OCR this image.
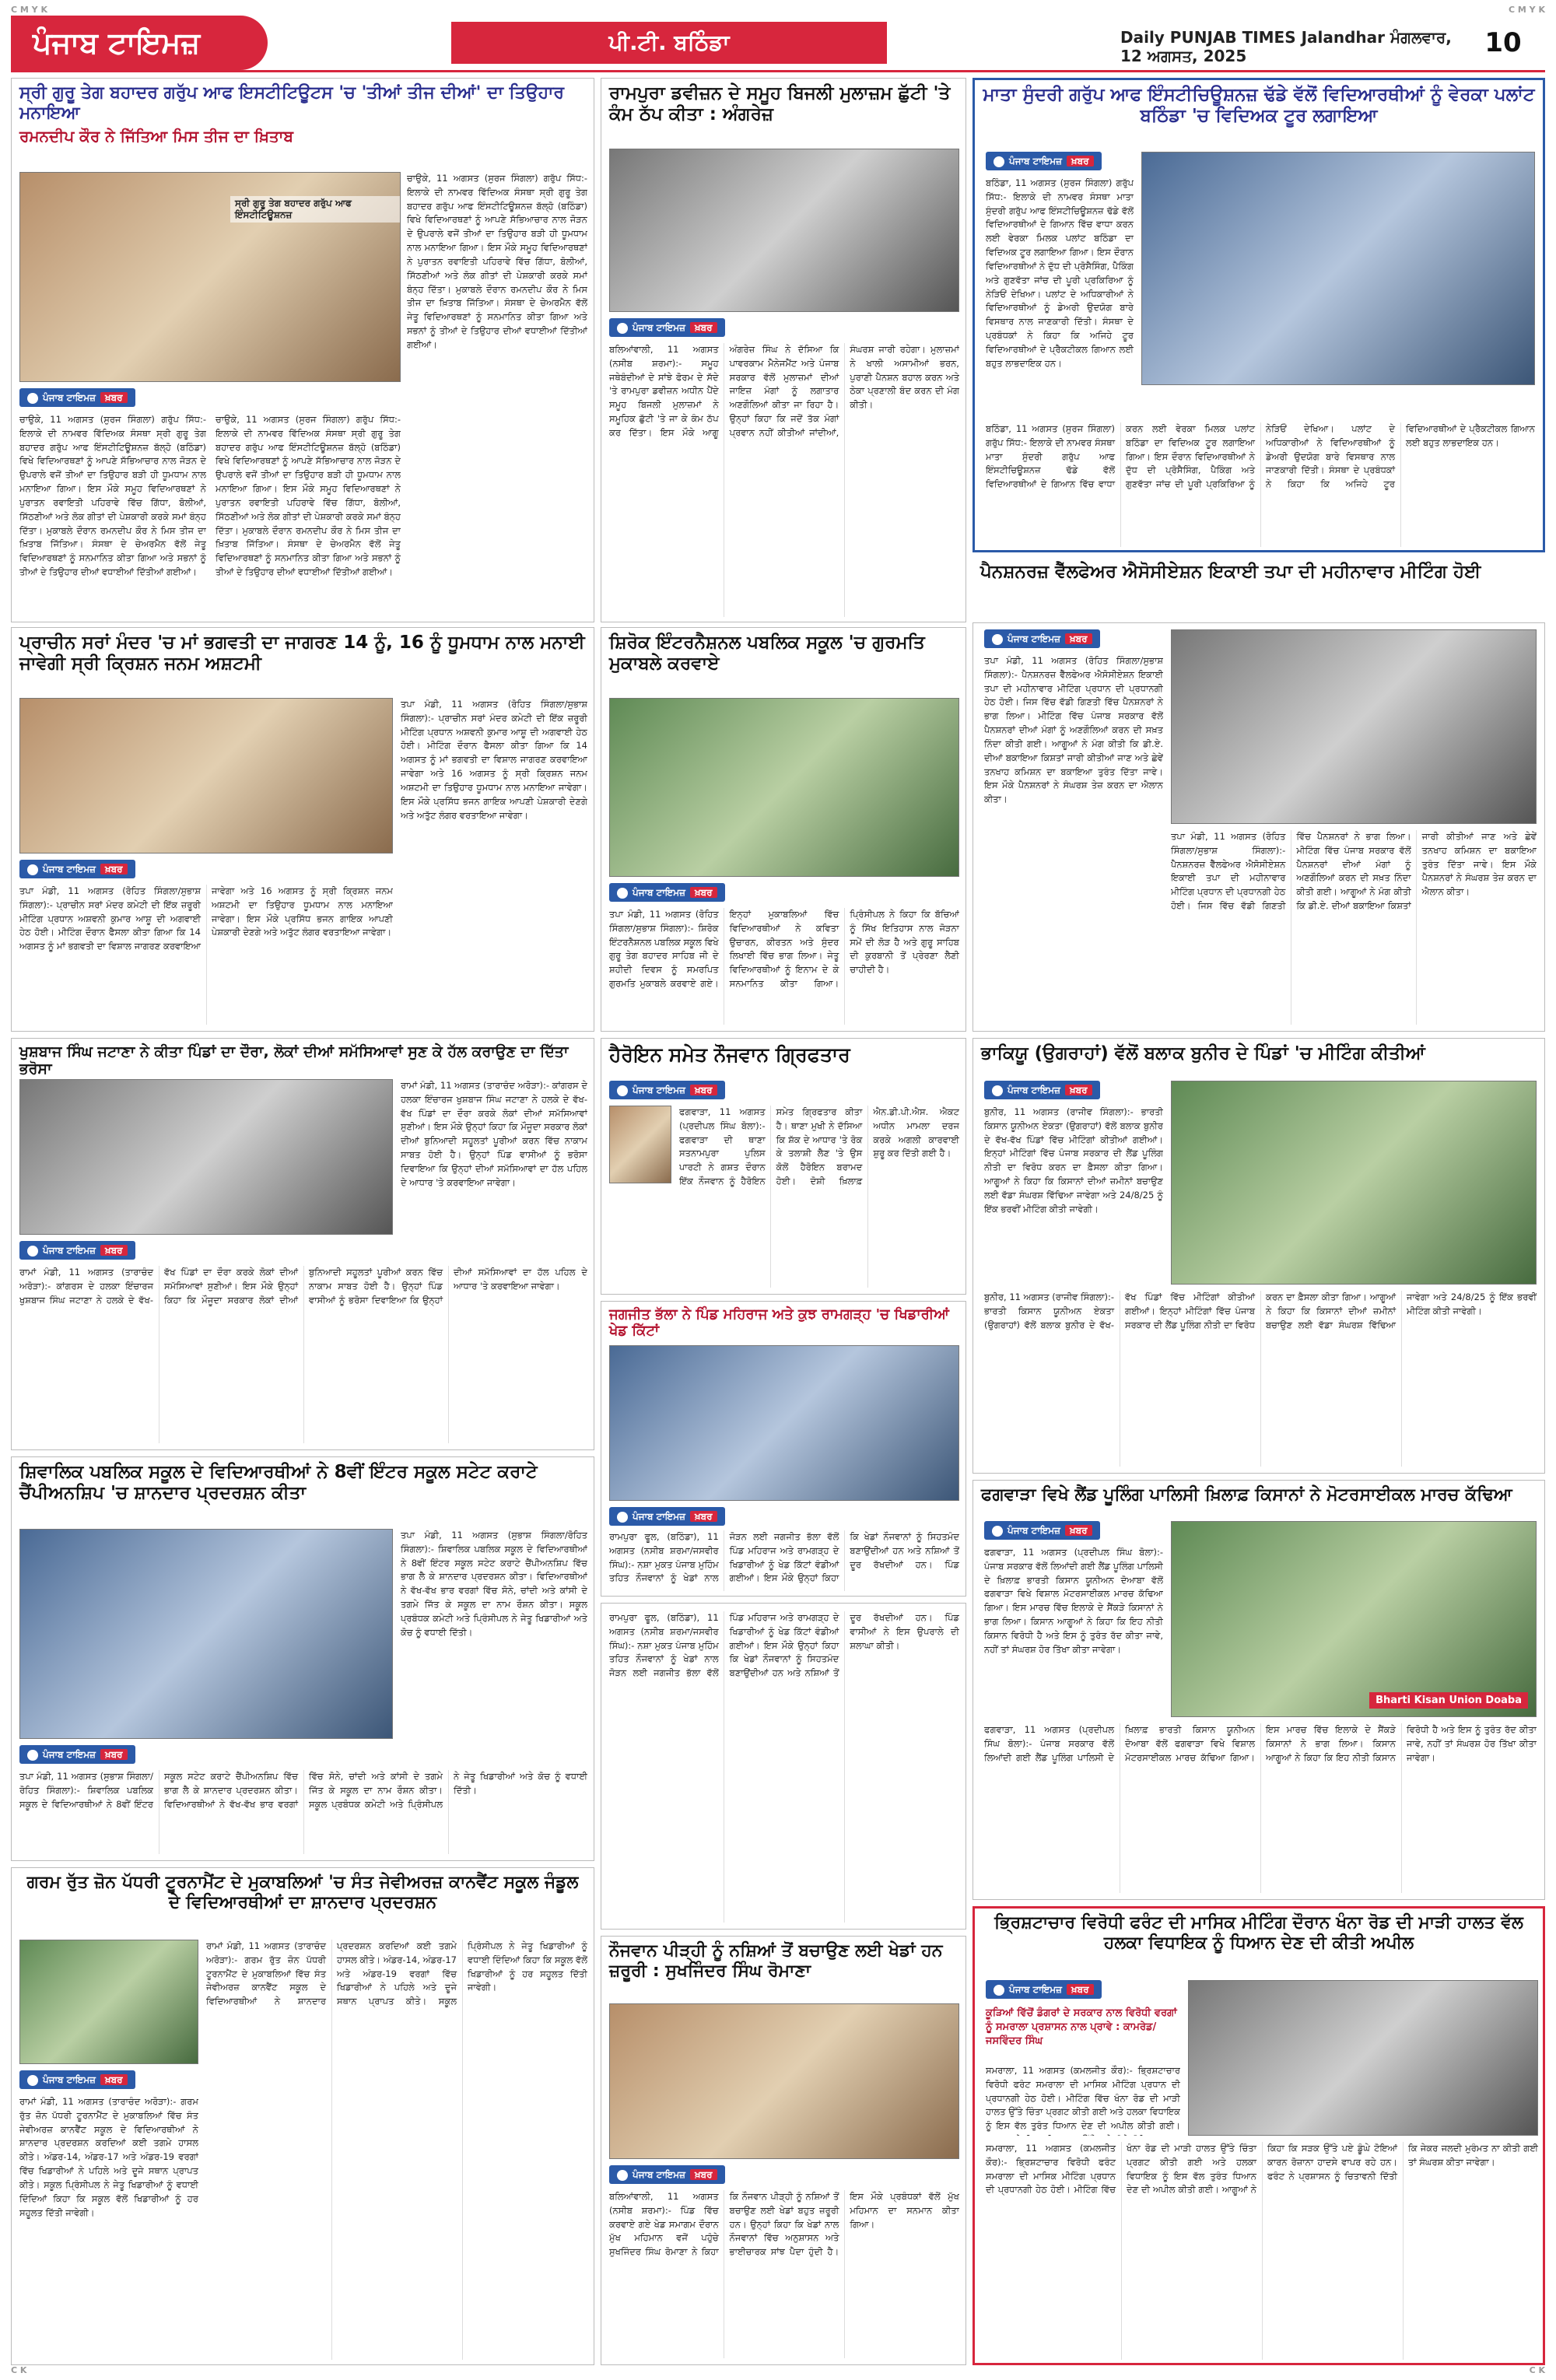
C M Y K	C M Y K
C K	C K
ਪੰਜਾਬ ਟਾਇਮਜ਼	ਪੀ.ਟੀ. ਬਠਿੰਡਾ	Daily PUNJAB TIMES Jalandhar ਮੰਗਲਵਾਰ, 12 ਅਗਸਤ, 2025	10
ਸ੍ਰੀ ਗੁਰੂ ਤੇਗ ਬਹਾਦਰ ਗਰੁੱਪ ਆਫ ਇਸਟੀਟਿਊਟਸ 'ਚ 'ਤੀਆਂ ਤੀਜ ਦੀਆਂ' ਦਾ ਤਿਉਹਾਰ ਮਨਾਇਆ
ਰਮਨਦੀਪ ਕੌਰ ਨੇ ਜਿੱਤਿਆ ਮਿਸ ਤੀਜ ਦਾ ਖ਼ਿਤਾਬ
ਸ੍ਰੀ ਗੁਰੂ ਤੇਗ ਬਹਾਦਰ ਗਰੁੱਪ ਆਫ ਇੰਸਟੀਟਿਊਸ਼ਨਜ਼
ਪੰਜਾਬ ਟਾਇਮਜ਼ ਖ਼ਬਰ
ਚਾਉਕੇ, 11 ਅਗਸਤ (ਸੁਰਜ ਸਿੰਗਲਾ) ਗਰੁੱਪ ਸਿੱਧ:- ਇਲਾਕੇ ਦੀ ਨਾਮਵਰ ਵਿੱਦਿਅਕ ਸੰਸਥਾ ਸ੍ਰੀ ਗੁਰੂ ਤੇਗ ਬਹਾਦਰ ਗਰੁੱਪ ਆਫ ਇੰਸਟੀਟਿਊਸ਼ਨਜ਼ ਬੱਲ੍ਹੋ (ਬਠਿੰਡਾ) ਵਿਖੇ ਵਿਦਿਆਰਥਣਾਂ ਨੂੰ ਆਪਣੇ ਸੱਭਿਆਚਾਰ ਨਾਲ ਜੋੜਨ ਦੇ ਉਪਰਾਲੇ ਵਜੋਂ ਤੀਆਂ ਦਾ ਤਿਉਹਾਰ ਬੜੀ ਹੀ ਧੂਮਧਾਮ ਨਾਲ ਮਨਾਇਆ ਗਿਆ। ਇਸ ਮੌਕੇ ਸਮੂਹ ਵਿਦਿਆਰਥਣਾਂ ਨੇ ਪੁਰਾਤਨ ਰਵਾਇਤੀ ਪਹਿਰਾਵੇ ਵਿੱਚ ਗਿੱਧਾ, ਬੋਲੀਆਂ, ਸਿੱਠਣੀਆਂ ਅਤੇ ਲੋਕ ਗੀਤਾਂ ਦੀ ਪੇਸ਼ਕਾਰੀ ਕਰਕੇ ਸਮਾਂ ਬੰਨ੍ਹ ਦਿੱਤਾ। ਮੁਕਾਬਲੇ ਦੌਰਾਨ ਰਮਨਦੀਪ ਕੌਰ ਨੇ ਮਿਸ ਤੀਜ ਦਾ ਖ਼ਿਤਾਬ ਜਿੱਤਿਆ। ਸੰਸਥਾ ਦੇ ਚੇਅਰਮੈਨ ਵੱਲੋਂ ਜੇਤੂ ਵਿਦਿਆਰਥਣਾਂ ਨੂੰ ਸਨਮਾਨਿਤ ਕੀਤਾ ਗਿਆ ਅਤੇ ਸਭਨਾਂ ਨੂੰ ਤੀਆਂ ਦੇ ਤਿਉਹਾਰ ਦੀਆਂ ਵਧਾਈਆਂ ਦਿੱਤੀਆਂ ਗਈਆਂ।
ਚਾਉਕੇ, 11 ਅਗਸਤ (ਸੁਰਜ ਸਿੰਗਲਾ) ਗਰੁੱਪ ਸਿੱਧ:- ਇਲਾਕੇ ਦੀ ਨਾਮਵਰ ਵਿੱਦਿਅਕ ਸੰਸਥਾ ਸ੍ਰੀ ਗੁਰੂ ਤੇਗ ਬਹਾਦਰ ਗਰੁੱਪ ਆਫ ਇੰਸਟੀਟਿਊਸ਼ਨਜ਼ ਬੱਲ੍ਹੋ (ਬਠਿੰਡਾ) ਵਿਖੇ ਵਿਦਿਆਰਥਣਾਂ ਨੂੰ ਆਪਣੇ ਸੱਭਿਆਚਾਰ ਨਾਲ ਜੋੜਨ ਦੇ ਉਪਰਾਲੇ ਵਜੋਂ ਤੀਆਂ ਦਾ ਤਿਉਹਾਰ ਬੜੀ ਹੀ ਧੂਮਧਾਮ ਨਾਲ ਮਨਾਇਆ ਗਿਆ। ਇਸ ਮੌਕੇ ਸਮੂਹ ਵਿਦਿਆਰਥਣਾਂ ਨੇ ਪੁਰਾਤਨ ਰਵਾਇਤੀ ਪਹਿਰਾਵੇ ਵਿੱਚ ਗਿੱਧਾ, ਬੋਲੀਆਂ, ਸਿੱਠਣੀਆਂ ਅਤੇ ਲੋਕ ਗੀਤਾਂ ਦੀ ਪੇਸ਼ਕਾਰੀ ਕਰਕੇ ਸਮਾਂ ਬੰਨ੍ਹ ਦਿੱਤਾ। ਮੁਕਾਬਲੇ ਦੌਰਾਨ ਰਮਨਦੀਪ ਕੌਰ ਨੇ ਮਿਸ ਤੀਜ ਦਾ ਖ਼ਿਤਾਬ ਜਿੱਤਿਆ। ਸੰਸਥਾ ਦੇ ਚੇਅਰਮੈਨ ਵੱਲੋਂ ਜੇਤੂ ਵਿਦਿਆਰਥਣਾਂ ਨੂੰ ਸਨਮਾਨਿਤ ਕੀਤਾ ਗਿਆ ਅਤੇ ਸਭਨਾਂ ਨੂੰ ਤੀਆਂ ਦੇ ਤਿਉਹਾਰ ਦੀਆਂ ਵਧਾਈਆਂ ਦਿੱਤੀਆਂ ਗਈਆਂ।
ਚਾਉਕੇ, 11 ਅਗਸਤ (ਸੁਰਜ ਸਿੰਗਲਾ) ਗਰੁੱਪ ਸਿੱਧ:- ਇਲਾਕੇ ਦੀ ਨਾਮਵਰ ਵਿੱਦਿਅਕ ਸੰਸਥਾ ਸ੍ਰੀ ਗੁਰੂ ਤੇਗ ਬਹਾਦਰ ਗਰੁੱਪ ਆਫ ਇੰਸਟੀਟਿਊਸ਼ਨਜ਼ ਬੱਲ੍ਹੋ (ਬਠਿੰਡਾ) ਵਿਖੇ ਵਿਦਿਆਰਥਣਾਂ ਨੂੰ ਆਪਣੇ ਸੱਭਿਆਚਾਰ ਨਾਲ ਜੋੜਨ ਦੇ ਉਪਰਾਲੇ ਵਜੋਂ ਤੀਆਂ ਦਾ ਤਿਉਹਾਰ ਬੜੀ ਹੀ ਧੂਮਧਾਮ ਨਾਲ ਮਨਾਇਆ ਗਿਆ। ਇਸ ਮੌਕੇ ਸਮੂਹ ਵਿਦਿਆਰਥਣਾਂ ਨੇ ਪੁਰਾਤਨ ਰਵਾਇਤੀ ਪਹਿਰਾਵੇ ਵਿੱਚ ਗਿੱਧਾ, ਬੋਲੀਆਂ, ਸਿੱਠਣੀਆਂ ਅਤੇ ਲੋਕ ਗੀਤਾਂ ਦੀ ਪੇਸ਼ਕਾਰੀ ਕਰਕੇ ਸਮਾਂ ਬੰਨ੍ਹ ਦਿੱਤਾ। ਮੁਕਾਬਲੇ ਦੌਰਾਨ ਰਮਨਦੀਪ ਕੌਰ ਨੇ ਮਿਸ ਤੀਜ ਦਾ ਖ਼ਿਤਾਬ ਜਿੱਤਿਆ। ਸੰਸਥਾ ਦੇ ਚੇਅਰਮੈਨ ਵੱਲੋਂ ਜੇਤੂ ਵਿਦਿਆਰਥਣਾਂ ਨੂੰ ਸਨਮਾਨਿਤ ਕੀਤਾ ਗਿਆ ਅਤੇ ਸਭਨਾਂ ਨੂੰ ਤੀਆਂ ਦੇ ਤਿਉਹਾਰ ਦੀਆਂ ਵਧਾਈਆਂ ਦਿੱਤੀਆਂ ਗਈਆਂ।
ਰਾਮਪੁਰਾ ਡਵੀਜ਼ਨ ਦੇ ਸਮੂਹ ਬਿਜਲੀ ਮੁਲਾਜ਼ਮ ਛੁੱਟੀ 'ਤੇ ਕੰਮ ਠੱਪ ਕੀਤਾ : ਅੰਗਰੇਜ਼
ਪੰਜਾਬ ਟਾਇਮਜ਼ ਖ਼ਬਰ
ਬਲਿਆਂਵਾਲੀ, 11 ਅਗਸਤ (ਨਸੀਬ ਸ਼ਰਮਾ):- ਸਮੂਹ ਜਥੇਬੰਦੀਆਂ ਦੇ ਸਾਂਝੇ ਫੋਰਮ ਦੇ ਸੱਦੇ 'ਤੇ ਰਾਮਪੁਰਾ ਡਵੀਜ਼ਨ ਅਧੀਨ ਪੈਂਦੇ ਸਮੂਹ ਬਿਜਲੀ ਮੁਲਾਜ਼ਮਾਂ ਨੇ ਸਮੂਹਿਕ ਛੁੱਟੀ 'ਤੇ ਜਾ ਕੇ ਕੰਮ ਠੱਪ ਕਰ ਦਿੱਤਾ। ਇਸ ਮੌਕੇ ਆਗੂ ਅੰਗਰੇਜ਼ ਸਿੰਘ ਨੇ ਦੱਸਿਆ ਕਿ ਪਾਵਰਕਾਮ ਮੈਨੇਜਮੈਂਟ ਅਤੇ ਪੰਜਾਬ ਸਰਕਾਰ ਵੱਲੋਂ ਮੁਲਾਜ਼ਮਾਂ ਦੀਆਂ ਜਾਇਜ਼ ਮੰਗਾਂ ਨੂੰ ਲਗਾਤਾਰ ਅਣਗੌਲਿਆਂ ਕੀਤਾ ਜਾ ਰਿਹਾ ਹੈ। ਉਨ੍ਹਾਂ ਕਿਹਾ ਕਿ ਜਦੋਂ ਤੱਕ ਮੰਗਾਂ ਪ੍ਰਵਾਨ ਨਹੀਂ ਕੀਤੀਆਂ ਜਾਂਦੀਆਂ, ਸੰਘਰਸ਼ ਜਾਰੀ ਰਹੇਗਾ। ਮੁਲਾਜ਼ਮਾਂ ਨੇ ਖਾਲੀ ਅਸਾਮੀਆਂ ਭਰਨ, ਪੁਰਾਣੀ ਪੈਨਸ਼ਨ ਬਹਾਲ ਕਰਨ ਅਤੇ ਠੇਕਾ ਪ੍ਰਣਾਲੀ ਬੰਦ ਕਰਨ ਦੀ ਮੰਗ ਕੀਤੀ।
ਮਾਤਾ ਸੁੰਦਰੀ ਗਰੁੱਪ ਆਫ ਇੰਸਟੀਚਿਊਸ਼ਨਜ਼ ਢੱਡੇ ਵੱਲੋਂ ਵਿਦਿਆਰਥੀਆਂ ਨੂੰ ਵੇਰਕਾ ਪਲਾਂਟ ਬਠਿੰਡਾ 'ਚ ਵਿਦਿਅਕ ਟੂਰ ਲਗਾਇਆ
ਪੰਜਾਬ ਟਾਇਮਜ਼ ਖ਼ਬਰ
ਬਠਿੰਡਾ, 11 ਅਗਸਤ (ਸੁਰਜ ਸਿੰਗਲਾ) ਗਰੁੱਪ ਸਿੱਧ:- ਇਲਾਕੇ ਦੀ ਨਾਮਵਰ ਸੰਸਥਾ ਮਾਤਾ ਸੁੰਦਰੀ ਗਰੁੱਪ ਆਫ ਇੰਸਟੀਚਿਊਸ਼ਨਜ਼ ਢੱਡੇ ਵੱਲੋਂ ਵਿਦਿਆਰਥੀਆਂ ਦੇ ਗਿਆਨ ਵਿੱਚ ਵਾਧਾ ਕਰਨ ਲਈ ਵੇਰਕਾ ਮਿਲਕ ਪਲਾਂਟ ਬਠਿੰਡਾ ਦਾ ਵਿਦਿਅਕ ਟੂਰ ਲਗਾਇਆ ਗਿਆ। ਇਸ ਦੌਰਾਨ ਵਿਦਿਆਰਥੀਆਂ ਨੇ ਦੁੱਧ ਦੀ ਪ੍ਰੋਸੈਸਿੰਗ, ਪੈਕਿੰਗ ਅਤੇ ਗੁਣਵੱਤਾ ਜਾਂਚ ਦੀ ਪੂਰੀ ਪ੍ਰਕਿਰਿਆ ਨੂੰ ਨੇੜਿਓਂ ਦੇਖਿਆ। ਪਲਾਂਟ ਦੇ ਅਧਿਕਾਰੀਆਂ ਨੇ ਵਿਦਿਆਰਥੀਆਂ ਨੂੰ ਡੇਅਰੀ ਉਦਯੋਗ ਬਾਰੇ ਵਿਸਥਾਰ ਨਾਲ ਜਾਣਕਾਰੀ ਦਿੱਤੀ। ਸੰਸਥਾ ਦੇ ਪ੍ਰਬੰਧਕਾਂ ਨੇ ਕਿਹਾ ਕਿ ਅਜਿਹੇ ਟੂਰ ਵਿਦਿਆਰਥੀਆਂ ਦੇ ਪ੍ਰੈਕਟੀਕਲ ਗਿਆਨ ਲਈ ਬਹੁਤ ਲਾਭਦਾਇਕ ਹਨ।
ਬਠਿੰਡਾ, 11 ਅਗਸਤ (ਸੁਰਜ ਸਿੰਗਲਾ) ਗਰੁੱਪ ਸਿੱਧ:- ਇਲਾਕੇ ਦੀ ਨਾਮਵਰ ਸੰਸਥਾ ਮਾਤਾ ਸੁੰਦਰੀ ਗਰੁੱਪ ਆਫ ਇੰਸਟੀਚਿਊਸ਼ਨਜ਼ ਢੱਡੇ ਵੱਲੋਂ ਵਿਦਿਆਰਥੀਆਂ ਦੇ ਗਿਆਨ ਵਿੱਚ ਵਾਧਾ ਕਰਨ ਲਈ ਵੇਰਕਾ ਮਿਲਕ ਪਲਾਂਟ ਬਠਿੰਡਾ ਦਾ ਵਿਦਿਅਕ ਟੂਰ ਲਗਾਇਆ ਗਿਆ। ਇਸ ਦੌਰਾਨ ਵਿਦਿਆਰਥੀਆਂ ਨੇ ਦੁੱਧ ਦੀ ਪ੍ਰੋਸੈਸਿੰਗ, ਪੈਕਿੰਗ ਅਤੇ ਗੁਣਵੱਤਾ ਜਾਂਚ ਦੀ ਪੂਰੀ ਪ੍ਰਕਿਰਿਆ ਨੂੰ ਨੇੜਿਓਂ ਦੇਖਿਆ। ਪਲਾਂਟ ਦੇ ਅਧਿਕਾਰੀਆਂ ਨੇ ਵਿਦਿਆਰਥੀਆਂ ਨੂੰ ਡੇਅਰੀ ਉਦਯੋਗ ਬਾਰੇ ਵਿਸਥਾਰ ਨਾਲ ਜਾਣਕਾਰੀ ਦਿੱਤੀ। ਸੰਸਥਾ ਦੇ ਪ੍ਰਬੰਧਕਾਂ ਨੇ ਕਿਹਾ ਕਿ ਅਜਿਹੇ ਟੂਰ ਵਿਦਿਆਰਥੀਆਂ ਦੇ ਪ੍ਰੈਕਟੀਕਲ ਗਿਆਨ ਲਈ ਬਹੁਤ ਲਾਭਦਾਇਕ ਹਨ।
ਪੈਨਸ਼ਨਰਜ਼ ਵੈੱਲਫੇਅਰ ਐਸੋਸੀਏਸ਼ਨ ਇਕਾਈ ਤਪਾ ਦੀ ਮਹੀਨਾਵਾਰ ਮੀਟਿੰਗ ਹੋਈ
ਪ੍ਰਾਚੀਨ ਸਰਾਂ ਮੰਦਰ 'ਚ ਮਾਂ ਭਗਵਤੀ ਦਾ ਜਾਗਰਣ 14 ਨੂੰ, 16 ਨੂੰ ਧੂਮਧਾਮ ਨਾਲ ਮਨਾਈ ਜਾਵੇਗੀ ਸ੍ਰੀ ਕ੍ਰਿਸ਼ਨ ਜਨਮ ਅਸ਼ਟਮੀ
ਪੰਜਾਬ ਟਾਇਮਜ਼ ਖ਼ਬਰ
ਤਪਾ ਮੰਡੀ, 11 ਅਗਸਤ (ਰੋਹਿਤ ਸਿੰਗਲਾ/ਸੁਭਾਸ਼ ਸਿੰਗਲਾ):- ਪ੍ਰਾਚੀਨ ਸਰਾਂ ਮੰਦਰ ਕਮੇਟੀ ਦੀ ਇੱਕ ਜ਼ਰੂਰੀ ਮੀਟਿੰਗ ਪ੍ਰਧਾਨ ਅਸ਼ਵਨੀ ਕੁਮਾਰ ਆਸ਼ੂ ਦੀ ਅਗਵਾਈ ਹੇਠ ਹੋਈ। ਮੀਟਿੰਗ ਦੌਰਾਨ ਫੈਸਲਾ ਕੀਤਾ ਗਿਆ ਕਿ 14 ਅਗਸਤ ਨੂੰ ਮਾਂ ਭਗਵਤੀ ਦਾ ਵਿਸ਼ਾਲ ਜਾਗਰਣ ਕਰਵਾਇਆ ਜਾਵੇਗਾ ਅਤੇ 16 ਅਗਸਤ ਨੂੰ ਸ੍ਰੀ ਕ੍ਰਿਸ਼ਨ ਜਨਮ ਅਸ਼ਟਮੀ ਦਾ ਤਿਉਹਾਰ ਧੂਮਧਾਮ ਨਾਲ ਮਨਾਇਆ ਜਾਵੇਗਾ। ਇਸ ਮੌਕੇ ਪ੍ਰਸਿੱਧ ਭਜਨ ਗਾਇਕ ਆਪਣੀ ਪੇਸ਼ਕਾਰੀ ਦੇਣਗੇ ਅਤੇ ਅਤੁੱਟ ਲੰਗਰ ਵਰਤਾਇਆ ਜਾਵੇਗਾ।
ਤਪਾ ਮੰਡੀ, 11 ਅਗਸਤ (ਰੋਹਿਤ ਸਿੰਗਲਾ/ਸੁਭਾਸ਼ ਸਿੰਗਲਾ):- ਪ੍ਰਾਚੀਨ ਸਰਾਂ ਮੰਦਰ ਕਮੇਟੀ ਦੀ ਇੱਕ ਜ਼ਰੂਰੀ ਮੀਟਿੰਗ ਪ੍ਰਧਾਨ ਅਸ਼ਵਨੀ ਕੁਮਾਰ ਆਸ਼ੂ ਦੀ ਅਗਵਾਈ ਹੇਠ ਹੋਈ। ਮੀਟਿੰਗ ਦੌਰਾਨ ਫੈਸਲਾ ਕੀਤਾ ਗਿਆ ਕਿ 14 ਅਗਸਤ ਨੂੰ ਮਾਂ ਭਗਵਤੀ ਦਾ ਵਿਸ਼ਾਲ ਜਾਗਰਣ ਕਰਵਾਇਆ ਜਾਵੇਗਾ ਅਤੇ 16 ਅਗਸਤ ਨੂੰ ਸ੍ਰੀ ਕ੍ਰਿਸ਼ਨ ਜਨਮ ਅਸ਼ਟਮੀ ਦਾ ਤਿਉਹਾਰ ਧੂਮਧਾਮ ਨਾਲ ਮਨਾਇਆ ਜਾਵੇਗਾ। ਇਸ ਮੌਕੇ ਪ੍ਰਸਿੱਧ ਭਜਨ ਗਾਇਕ ਆਪਣੀ ਪੇਸ਼ਕਾਰੀ ਦੇਣਗੇ ਅਤੇ ਅਤੁੱਟ ਲੰਗਰ ਵਰਤਾਇਆ ਜਾਵੇਗਾ।
ਸ਼ਿਰੋਕ ਇੰਟਰਨੈਸ਼ਨਲ ਪਬਲਿਕ ਸਕੂਲ 'ਚ ਗੁਰਮਤਿ ਮੁਕਾਬਲੇ ਕਰਵਾਏ
ਪੰਜਾਬ ਟਾਇਮਜ਼ ਖ਼ਬਰ
ਤਪਾ ਮੰਡੀ, 11 ਅਗਸਤ (ਰੋਹਿਤ ਸਿੰਗਲਾ/ਸੁਭਾਸ਼ ਸਿੰਗਲਾ):- ਸ਼ਿਰੋਕ ਇੰਟਰਨੈਸ਼ਨਲ ਪਬਲਿਕ ਸਕੂਲ ਵਿਖੇ ਗੁਰੂ ਤੇਗ ਬਹਾਦਰ ਸਾਹਿਬ ਜੀ ਦੇ ਸ਼ਹੀਦੀ ਦਿਵਸ ਨੂੰ ਸਮਰਪਿਤ ਗੁਰਮਤਿ ਮੁਕਾਬਲੇ ਕਰਵਾਏ ਗਏ। ਇਨ੍ਹਾਂ ਮੁਕਾਬਲਿਆਂ ਵਿੱਚ ਵਿਦਿਆਰਥੀਆਂ ਨੇ ਕਵਿਤਾ ਉਚਾਰਨ, ਕੀਰਤਨ ਅਤੇ ਸੁੰਦਰ ਲਿਖਾਈ ਵਿੱਚ ਭਾਗ ਲਿਆ। ਜੇਤੂ ਵਿਦਿਆਰਥੀਆਂ ਨੂੰ ਇਨਾਮ ਦੇ ਕੇ ਸਨਮਾਨਿਤ ਕੀਤਾ ਗਿਆ। ਪ੍ਰਿੰਸੀਪਲ ਨੇ ਕਿਹਾ ਕਿ ਬੱਚਿਆਂ ਨੂੰ ਸਿੱਖ ਇਤਿਹਾਸ ਨਾਲ ਜੋੜਨਾ ਸਮੇਂ ਦੀ ਲੋੜ ਹੈ ਅਤੇ ਗੁਰੂ ਸਾਹਿਬ ਦੀ ਕੁਰਬਾਨੀ ਤੋਂ ਪ੍ਰੇਰਣਾ ਲੈਣੀ ਚਾਹੀਦੀ ਹੈ।
ਪੰਜਾਬ ਟਾਇਮਜ਼ ਖ਼ਬਰ
ਤਪਾ ਮੰਡੀ, 11 ਅਗਸਤ (ਰੋਹਿਤ ਸਿੰਗਲਾ/ਸੁਭਾਸ਼ ਸਿੰਗਲਾ):- ਪੈਨਸ਼ਨਰਜ਼ ਵੈੱਲਫੇਅਰ ਐਸੋਸੀਏਸ਼ਨ ਇਕਾਈ ਤਪਾ ਦੀ ਮਹੀਨਾਵਾਰ ਮੀਟਿੰਗ ਪ੍ਰਧਾਨ ਦੀ ਪ੍ਰਧਾਨਗੀ ਹੇਠ ਹੋਈ। ਜਿਸ ਵਿੱਚ ਵੱਡੀ ਗਿਣਤੀ ਵਿੱਚ ਪੈਨਸ਼ਨਰਾਂ ਨੇ ਭਾਗ ਲਿਆ। ਮੀਟਿੰਗ ਵਿੱਚ ਪੰਜਾਬ ਸਰਕਾਰ ਵੱਲੋਂ ਪੈਨਸ਼ਨਰਾਂ ਦੀਆਂ ਮੰਗਾਂ ਨੂੰ ਅਣਗੌਲਿਆਂ ਕਰਨ ਦੀ ਸਖ਼ਤ ਨਿੰਦਾ ਕੀਤੀ ਗਈ। ਆਗੂਆਂ ਨੇ ਮੰਗ ਕੀਤੀ ਕਿ ਡੀ.ਏ. ਦੀਆਂ ਬਕਾਇਆ ਕਿਸ਼ਤਾਂ ਜਾਰੀ ਕੀਤੀਆਂ ਜਾਣ ਅਤੇ ਛੇਵੇਂ ਤਨਖਾਹ ਕਮਿਸ਼ਨ ਦਾ ਬਕਾਇਆ ਤੁਰੰਤ ਦਿੱਤਾ ਜਾਵੇ। ਇਸ ਮੌਕੇ ਪੈਨਸ਼ਨਰਾਂ ਨੇ ਸੰਘਰਸ਼ ਤੇਜ਼ ਕਰਨ ਦਾ ਐਲਾਨ ਕੀਤਾ।
ਤਪਾ ਮੰਡੀ, 11 ਅਗਸਤ (ਰੋਹਿਤ ਸਿੰਗਲਾ/ਸੁਭਾਸ਼ ਸਿੰਗਲਾ):- ਪੈਨਸ਼ਨਰਜ਼ ਵੈੱਲਫੇਅਰ ਐਸੋਸੀਏਸ਼ਨ ਇਕਾਈ ਤਪਾ ਦੀ ਮਹੀਨਾਵਾਰ ਮੀਟਿੰਗ ਪ੍ਰਧਾਨ ਦੀ ਪ੍ਰਧਾਨਗੀ ਹੇਠ ਹੋਈ। ਜਿਸ ਵਿੱਚ ਵੱਡੀ ਗਿਣਤੀ ਵਿੱਚ ਪੈਨਸ਼ਨਰਾਂ ਨੇ ਭਾਗ ਲਿਆ। ਮੀਟਿੰਗ ਵਿੱਚ ਪੰਜਾਬ ਸਰਕਾਰ ਵੱਲੋਂ ਪੈਨਸ਼ਨਰਾਂ ਦੀਆਂ ਮੰਗਾਂ ਨੂੰ ਅਣਗੌਲਿਆਂ ਕਰਨ ਦੀ ਸਖ਼ਤ ਨਿੰਦਾ ਕੀਤੀ ਗਈ। ਆਗੂਆਂ ਨੇ ਮੰਗ ਕੀਤੀ ਕਿ ਡੀ.ਏ. ਦੀਆਂ ਬਕਾਇਆ ਕਿਸ਼ਤਾਂ ਜਾਰੀ ਕੀਤੀਆਂ ਜਾਣ ਅਤੇ ਛੇਵੇਂ ਤਨਖਾਹ ਕਮਿਸ਼ਨ ਦਾ ਬਕਾਇਆ ਤੁਰੰਤ ਦਿੱਤਾ ਜਾਵੇ। ਇਸ ਮੌਕੇ ਪੈਨਸ਼ਨਰਾਂ ਨੇ ਸੰਘਰਸ਼ ਤੇਜ਼ ਕਰਨ ਦਾ ਐਲਾਨ ਕੀਤਾ।
ਖੁਸ਼ਬਾਜ ਸਿੰਘ ਜਟਾਣਾ ਨੇ ਕੀਤਾ ਪਿੰਡਾਂ ਦਾ ਦੌਰਾ, ਲੋਕਾਂ ਦੀਆਂ ਸਮੱਸਿਆਵਾਂ ਸੁਣ ਕੇ ਹੱਲ ਕਰਾਉਣ ਦਾ ਦਿੱਤਾ ਭਰੋਸਾ
ਪੰਜਾਬ ਟਾਇਮਜ਼ ਖ਼ਬਰ
ਰਾਮਾਂ ਮੰਡੀ, 11 ਅਗਸਤ (ਤਾਰਾਚੰਦ ਅਰੋੜਾ):- ਕਾਂਗਰਸ ਦੇ ਹਲਕਾ ਇੰਚਾਰਜ ਖੁਸ਼ਬਾਜ ਸਿੰਘ ਜਟਾਣਾ ਨੇ ਹਲਕੇ ਦੇ ਵੱਖ-ਵੱਖ ਪਿੰਡਾਂ ਦਾ ਦੌਰਾ ਕਰਕੇ ਲੋਕਾਂ ਦੀਆਂ ਸਮੱਸਿਆਵਾਂ ਸੁਣੀਆਂ। ਇਸ ਮੌਕੇ ਉਨ੍ਹਾਂ ਕਿਹਾ ਕਿ ਮੌਜੂਦਾ ਸਰਕਾਰ ਲੋਕਾਂ ਦੀਆਂ ਬੁਨਿਆਦੀ ਸਹੂਲਤਾਂ ਪੂਰੀਆਂ ਕਰਨ ਵਿੱਚ ਨਾਕਾਮ ਸਾਬਤ ਹੋਈ ਹੈ। ਉਨ੍ਹਾਂ ਪਿੰਡ ਵਾਸੀਆਂ ਨੂੰ ਭਰੋਸਾ ਦਿਵਾਇਆ ਕਿ ਉਨ੍ਹਾਂ ਦੀਆਂ ਸਮੱਸਿਆਵਾਂ ਦਾ ਹੱਲ ਪਹਿਲ ਦੇ ਆਧਾਰ 'ਤੇ ਕਰਵਾਇਆ ਜਾਵੇਗਾ।
ਰਾਮਾਂ ਮੰਡੀ, 11 ਅਗਸਤ (ਤਾਰਾਚੰਦ ਅਰੋੜਾ):- ਕਾਂਗਰਸ ਦੇ ਹਲਕਾ ਇੰਚਾਰਜ ਖੁਸ਼ਬਾਜ ਸਿੰਘ ਜਟਾਣਾ ਨੇ ਹਲਕੇ ਦੇ ਵੱਖ-ਵੱਖ ਪਿੰਡਾਂ ਦਾ ਦੌਰਾ ਕਰਕੇ ਲੋਕਾਂ ਦੀਆਂ ਸਮੱਸਿਆਵਾਂ ਸੁਣੀਆਂ। ਇਸ ਮੌਕੇ ਉਨ੍ਹਾਂ ਕਿਹਾ ਕਿ ਮੌਜੂਦਾ ਸਰਕਾਰ ਲੋਕਾਂ ਦੀਆਂ ਬੁਨਿਆਦੀ ਸਹੂਲਤਾਂ ਪੂਰੀਆਂ ਕਰਨ ਵਿੱਚ ਨਾਕਾਮ ਸਾਬਤ ਹੋਈ ਹੈ। ਉਨ੍ਹਾਂ ਪਿੰਡ ਵਾਸੀਆਂ ਨੂੰ ਭਰੋਸਾ ਦਿਵਾਇਆ ਕਿ ਉਨ੍ਹਾਂ ਦੀਆਂ ਸਮੱਸਿਆਵਾਂ ਦਾ ਹੱਲ ਪਹਿਲ ਦੇ ਆਧਾਰ 'ਤੇ ਕਰਵਾਇਆ ਜਾਵੇਗਾ।
ਹੈਰੋਇਨ ਸਮੇਤ ਨੌਜਵਾਨ ਗ੍ਰਿਫਤਾਰ
ਪੰਜਾਬ ਟਾਇਮਜ਼ ਖ਼ਬਰ
ਫਗਵਾੜਾ, 11 ਅਗਸਤ (ਪ੍ਰਦੀਪਲ ਸਿੰਘ ਬੋਲਾ):- ਫਗਵਾੜਾ ਦੀ ਥਾਣਾ ਸਤਨਾਮਪੁਰਾ ਪੁਲਿਸ ਪਾਰਟੀ ਨੇ ਗਸ਼ਤ ਦੌਰਾਨ ਇੱਕ ਨੌਜਵਾਨ ਨੂੰ ਹੈਰੋਇਨ ਸਮੇਤ ਗ੍ਰਿਫਤਾਰ ਕੀਤਾ ਹੈ। ਥਾਣਾ ਮੁਖੀ ਨੇ ਦੱਸਿਆ ਕਿ ਸ਼ੱਕ ਦੇ ਆਧਾਰ 'ਤੇ ਰੋਕ ਕੇ ਤਲਾਸ਼ੀ ਲੈਣ 'ਤੇ ਉਸ ਕੋਲੋਂ ਹੈਰੋਇਨ ਬਰਾਮਦ ਹੋਈ। ਦੋਸ਼ੀ ਖ਼ਿਲਾਫ਼ ਐਨ.ਡੀ.ਪੀ.ਐਸ. ਐਕਟ ਅਧੀਨ ਮਾਮਲਾ ਦਰਜ ਕਰਕੇ ਅਗਲੀ ਕਾਰਵਾਈ ਸ਼ੁਰੂ ਕਰ ਦਿੱਤੀ ਗਈ ਹੈ।
ਭਾਕਿਯੂ (ਉਗਰਾਹਾਂ) ਵੱਲੋਂ ਬਲਾਕ ਬੁਨੀਰ ਦੇ ਪਿੰਡਾਂ 'ਚ ਮੀਟਿੰਗ ਕੀਤੀਆਂ
ਪੰਜਾਬ ਟਾਇਮਜ਼ ਖ਼ਬਰ
ਬੁਨੀਰ, 11 ਅਗਸਤ (ਰਾਜੀਵ ਸਿੰਗਲਾ):- ਭਾਰਤੀ ਕਿਸਾਨ ਯੂਨੀਅਨ ਏਕਤਾ (ਉਗਰਾਹਾਂ) ਵੱਲੋਂ ਬਲਾਕ ਬੁਨੀਰ ਦੇ ਵੱਖ-ਵੱਖ ਪਿੰਡਾਂ ਵਿੱਚ ਮੀਟਿੰਗਾਂ ਕੀਤੀਆਂ ਗਈਆਂ। ਇਨ੍ਹਾਂ ਮੀਟਿੰਗਾਂ ਵਿੱਚ ਪੰਜਾਬ ਸਰਕਾਰ ਦੀ ਲੈਂਡ ਪੂਲਿੰਗ ਨੀਤੀ ਦਾ ਵਿਰੋਧ ਕਰਨ ਦਾ ਫ਼ੈਸਲਾ ਕੀਤਾ ਗਿਆ। ਆਗੂਆਂ ਨੇ ਕਿਹਾ ਕਿ ਕਿਸਾਨਾਂ ਦੀਆਂ ਜ਼ਮੀਨਾਂ ਬਚਾਉਣ ਲਈ ਵੱਡਾ ਸੰਘਰਸ਼ ਵਿੱਢਿਆ ਜਾਵੇਗਾ ਅਤੇ 24/8/25 ਨੂੰ ਇੱਕ ਭਰਵੀਂ ਮੀਟਿੰਗ ਕੀਤੀ ਜਾਵੇਗੀ।
ਬੁਨੀਰ, 11 ਅਗਸਤ (ਰਾਜੀਵ ਸਿੰਗਲਾ):- ਭਾਰਤੀ ਕਿਸਾਨ ਯੂਨੀਅਨ ਏਕਤਾ (ਉਗਰਾਹਾਂ) ਵੱਲੋਂ ਬਲਾਕ ਬੁਨੀਰ ਦੇ ਵੱਖ-ਵੱਖ ਪਿੰਡਾਂ ਵਿੱਚ ਮੀਟਿੰਗਾਂ ਕੀਤੀਆਂ ਗਈਆਂ। ਇਨ੍ਹਾਂ ਮੀਟਿੰਗਾਂ ਵਿੱਚ ਪੰਜਾਬ ਸਰਕਾਰ ਦੀ ਲੈਂਡ ਪੂਲਿੰਗ ਨੀਤੀ ਦਾ ਵਿਰੋਧ ਕਰਨ ਦਾ ਫ਼ੈਸਲਾ ਕੀਤਾ ਗਿਆ। ਆਗੂਆਂ ਨੇ ਕਿਹਾ ਕਿ ਕਿਸਾਨਾਂ ਦੀਆਂ ਜ਼ਮੀਨਾਂ ਬਚਾਉਣ ਲਈ ਵੱਡਾ ਸੰਘਰਸ਼ ਵਿੱਢਿਆ ਜਾਵੇਗਾ ਅਤੇ 24/8/25 ਨੂੰ ਇੱਕ ਭਰਵੀਂ ਮੀਟਿੰਗ ਕੀਤੀ ਜਾਵੇਗੀ।
ਜਗਜੀਤ ਭੱਲਾ ਨੇ ਪਿੰਡ ਮਹਿਰਾਜ ਅਤੇ ਕੁਝ ਰਾਮਗੜ੍ਹ 'ਚ ਖਿਡਾਰੀਆਂ ਖੇਡ ਕਿੱਟਾਂ
ਪੰਜਾਬ ਟਾਇਮਜ਼ ਖ਼ਬਰ
ਰਾਮਪੁਰਾ ਫੂਲ, (ਬਠਿੰਡਾ), 11 ਅਗਸਤ (ਨਸੀਬ ਸ਼ਰਮਾ/ਜਸਵੀਰ ਸਿੰਘ):- ਨਸ਼ਾ ਮੁਕਤ ਪੰਜਾਬ ਮੁਹਿੰਮ ਤਹਿਤ ਨੌਜਵਾਨਾਂ ਨੂੰ ਖੇਡਾਂ ਨਾਲ ਜੋੜਨ ਲਈ ਜਗਜੀਤ ਭੱਲਾ ਵੱਲੋਂ ਪਿੰਡ ਮਹਿਰਾਜ ਅਤੇ ਰਾਮਗੜ੍ਹ ਦੇ ਖਿਡਾਰੀਆਂ ਨੂੰ ਖੇਡ ਕਿੱਟਾਂ ਵੰਡੀਆਂ ਗਈਆਂ। ਇਸ ਮੌਕੇ ਉਨ੍ਹਾਂ ਕਿਹਾ ਕਿ ਖੇਡਾਂ ਨੌਜਵਾਨਾਂ ਨੂੰ ਸਿਹਤਮੰਦ ਬਣਾਉਂਦੀਆਂ ਹਨ ਅਤੇ ਨਸ਼ਿਆਂ ਤੋਂ ਦੂਰ ਰੱਖਦੀਆਂ ਹਨ। ਪਿੰਡ
ਸ਼ਿਵਾਲਿਕ ਪਬਲਿਕ ਸਕੂਲ ਦੇ ਵਿਦਿਆਰਥੀਆਂ ਨੇ 8ਵੀਂ ਇੰਟਰ ਸਕੂਲ ਸਟੇਟ ਕਰਾਟੇ ਚੈਂਪੀਅਨਸ਼ਿਪ 'ਚ ਸ਼ਾਨਦਾਰ ਪ੍ਰਦਰਸ਼ਨ ਕੀਤਾ
ਪੰਜਾਬ ਟਾਇਮਜ਼ ਖ਼ਬਰ
ਤਪਾ ਮੰਡੀ, 11 ਅਗਸਤ (ਸੁਭਾਸ਼ ਸਿੰਗਲਾ/ਰੋਹਿਤ ਸਿੰਗਲਾ):- ਸ਼ਿਵਾਲਿਕ ਪਬਲਿਕ ਸਕੂਲ ਦੇ ਵਿਦਿਆਰਥੀਆਂ ਨੇ 8ਵੀਂ ਇੰਟਰ ਸਕੂਲ ਸਟੇਟ ਕਰਾਟੇ ਚੈਂਪੀਅਨਸ਼ਿਪ ਵਿੱਚ ਭਾਗ ਲੈ ਕੇ ਸ਼ਾਨਦਾਰ ਪ੍ਰਦਰਸ਼ਨ ਕੀਤਾ। ਵਿਦਿਆਰਥੀਆਂ ਨੇ ਵੱਖ-ਵੱਖ ਭਾਰ ਵਰਗਾਂ ਵਿੱਚ ਸੋਨੇ, ਚਾਂਦੀ ਅਤੇ ਕਾਂਸੀ ਦੇ ਤਗਮੇ ਜਿੱਤ ਕੇ ਸਕੂਲ ਦਾ ਨਾਮ ਰੌਸ਼ਨ ਕੀਤਾ। ਸਕੂਲ ਪ੍ਰਬੰਧਕ ਕਮੇਟੀ ਅਤੇ ਪ੍ਰਿੰਸੀਪਲ ਨੇ ਜੇਤੂ ਖਿਡਾਰੀਆਂ ਅਤੇ ਕੋਚ ਨੂੰ ਵਧਾਈ ਦਿੱਤੀ।
ਤਪਾ ਮੰਡੀ, 11 ਅਗਸਤ (ਸੁਭਾਸ਼ ਸਿੰਗਲਾ/ਰੋਹਿਤ ਸਿੰਗਲਾ):- ਸ਼ਿਵਾਲਿਕ ਪਬਲਿਕ ਸਕੂਲ ਦੇ ਵਿਦਿਆਰਥੀਆਂ ਨੇ 8ਵੀਂ ਇੰਟਰ ਸਕੂਲ ਸਟੇਟ ਕਰਾਟੇ ਚੈਂਪੀਅਨਸ਼ਿਪ ਵਿੱਚ ਭਾਗ ਲੈ ਕੇ ਸ਼ਾਨਦਾਰ ਪ੍ਰਦਰਸ਼ਨ ਕੀਤਾ। ਵਿਦਿਆਰਥੀਆਂ ਨੇ ਵੱਖ-ਵੱਖ ਭਾਰ ਵਰਗਾਂ ਵਿੱਚ ਸੋਨੇ, ਚਾਂਦੀ ਅਤੇ ਕਾਂਸੀ ਦੇ ਤਗਮੇ ਜਿੱਤ ਕੇ ਸਕੂਲ ਦਾ ਨਾਮ ਰੌਸ਼ਨ ਕੀਤਾ। ਸਕੂਲ ਪ੍ਰਬੰਧਕ ਕਮੇਟੀ ਅਤੇ ਪ੍ਰਿੰਸੀਪਲ ਨੇ ਜੇਤੂ ਖਿਡਾਰੀਆਂ ਅਤੇ ਕੋਚ ਨੂੰ ਵਧਾਈ ਦਿੱਤੀ।
ਫਗਵਾੜਾ ਵਿਖੇ ਲੈਂਡ ਪੂਲਿੰਗ ਪਾਲਿਸੀ ਖ਼ਿਲਾਫ਼ ਕਿਸਾਨਾਂ ਨੇ ਮੋਟਰਸਾਈਕਲ ਮਾਰਚ ਕੱਢਿਆ
ਪੰਜਾਬ ਟਾਇਮਜ਼ ਖ਼ਬਰ
ਫਗਵਾੜਾ, 11 ਅਗਸਤ (ਪ੍ਰਦੀਪਲ ਸਿੰਘ ਬੋਲਾ):- ਪੰਜਾਬ ਸਰਕਾਰ ਵੱਲੋਂ ਲਿਆਂਦੀ ਗਈ ਲੈਂਡ ਪੂਲਿੰਗ ਪਾਲਿਸੀ ਦੇ ਖ਼ਿਲਾਫ਼ ਭਾਰਤੀ ਕਿਸਾਨ ਯੂਨੀਅਨ ਦੋਆਬਾ ਵੱਲੋਂ ਫਗਵਾੜਾ ਵਿਖੇ ਵਿਸ਼ਾਲ ਮੋਟਰਸਾਈਕਲ ਮਾਰਚ ਕੱਢਿਆ ਗਿਆ। ਇਸ ਮਾਰਚ ਵਿੱਚ ਇਲਾਕੇ ਦੇ ਸੈਂਕੜੇ ਕਿਸਾਨਾਂ ਨੇ ਭਾਗ ਲਿਆ। ਕਿਸਾਨ ਆਗੂਆਂ ਨੇ ਕਿਹਾ ਕਿ ਇਹ ਨੀਤੀ ਕਿਸਾਨ ਵਿਰੋਧੀ ਹੈ ਅਤੇ ਇਸ ਨੂੰ ਤੁਰੰਤ ਰੱਦ ਕੀਤਾ ਜਾਵੇ, ਨਹੀਂ ਤਾਂ ਸੰਘਰਸ਼ ਹੋਰ ਤਿੱਖਾ ਕੀਤਾ ਜਾਵੇਗਾ।
Bharti Kisan Union Doaba
ਫਗਵਾੜਾ, 11 ਅਗਸਤ (ਪ੍ਰਦੀਪਲ ਸਿੰਘ ਬੋਲਾ):- ਪੰਜਾਬ ਸਰਕਾਰ ਵੱਲੋਂ ਲਿਆਂਦੀ ਗਈ ਲੈਂਡ ਪੂਲਿੰਗ ਪਾਲਿਸੀ ਦੇ ਖ਼ਿਲਾਫ਼ ਭਾਰਤੀ ਕਿਸਾਨ ਯੂਨੀਅਨ ਦੋਆਬਾ ਵੱਲੋਂ ਫਗਵਾੜਾ ਵਿਖੇ ਵਿਸ਼ਾਲ ਮੋਟਰਸਾਈਕਲ ਮਾਰਚ ਕੱਢਿਆ ਗਿਆ। ਇਸ ਮਾਰਚ ਵਿੱਚ ਇਲਾਕੇ ਦੇ ਸੈਂਕੜੇ ਕਿਸਾਨਾਂ ਨੇ ਭਾਗ ਲਿਆ। ਕਿਸਾਨ ਆਗੂਆਂ ਨੇ ਕਿਹਾ ਕਿ ਇਹ ਨੀਤੀ ਕਿਸਾਨ ਵਿਰੋਧੀ ਹੈ ਅਤੇ ਇਸ ਨੂੰ ਤੁਰੰਤ ਰੱਦ ਕੀਤਾ ਜਾਵੇ, ਨਹੀਂ ਤਾਂ ਸੰਘਰਸ਼ ਹੋਰ ਤਿੱਖਾ ਕੀਤਾ ਜਾਵੇਗਾ।
ਰਾਮਪੁਰਾ ਫੂਲ, (ਬਠਿੰਡਾ), 11 ਅਗਸਤ (ਨਸੀਬ ਸ਼ਰਮਾ/ਜਸਵੀਰ ਸਿੰਘ):- ਨਸ਼ਾ ਮੁਕਤ ਪੰਜਾਬ ਮੁਹਿੰਮ ਤਹਿਤ ਨੌਜਵਾਨਾਂ ਨੂੰ ਖੇਡਾਂ ਨਾਲ ਜੋੜਨ ਲਈ ਜਗਜੀਤ ਭੱਲਾ ਵੱਲੋਂ ਪਿੰਡ ਮਹਿਰਾਜ ਅਤੇ ਰਾਮਗੜ੍ਹ ਦੇ ਖਿਡਾਰੀਆਂ ਨੂੰ ਖੇਡ ਕਿੱਟਾਂ ਵੰਡੀਆਂ ਗਈਆਂ। ਇਸ ਮੌਕੇ ਉਨ੍ਹਾਂ ਕਿਹਾ ਕਿ ਖੇਡਾਂ ਨੌਜਵਾਨਾਂ ਨੂੰ ਸਿਹਤਮੰਦ ਬਣਾਉਂਦੀਆਂ ਹਨ ਅਤੇ ਨਸ਼ਿਆਂ ਤੋਂ ਦੂਰ ਰੱਖਦੀਆਂ ਹਨ। ਪਿੰਡ ਵਾਸੀਆਂ ਨੇ ਇਸ ਉਪਰਾਲੇ ਦੀ ਸ਼ਲਾਘਾ ਕੀਤੀ।
ਗਰਮ ਰੁੱਤ ਜ਼ੋਨ ਪੱਧਰੀ ਟੂਰਨਾਮੈਂਟ ਦੇ ਮੁਕਾਬਲਿਆਂ 'ਚ ਸੰਤ ਜੇਵੀਅਰਜ਼ ਕਾਨਵੈਂਟ ਸਕੂਲ ਜੰਡੂਲ ਦੇ ਵਿਦਿਆਰਥੀਆਂ ਦਾ ਸ਼ਾਨਦਾਰ ਪ੍ਰਦਰਸ਼ਨ
ਪੰਜਾਬ ਟਾਇਮਜ਼ ਖ਼ਬਰ
ਰਾਮਾਂ ਮੰਡੀ, 11 ਅਗਸਤ (ਤਾਰਾਚੰਦ ਅਰੋੜਾ):- ਗਰਮ ਰੁੱਤ ਜ਼ੋਨ ਪੱਧਰੀ ਟੂਰਨਾਮੈਂਟ ਦੇ ਮੁਕਾਬਲਿਆਂ ਵਿੱਚ ਸੰਤ ਜੇਵੀਅਰਜ਼ ਕਾਨਵੈਂਟ ਸਕੂਲ ਦੇ ਵਿਦਿਆਰਥੀਆਂ ਨੇ ਸ਼ਾਨਦਾਰ ਪ੍ਰਦਰਸ਼ਨ ਕਰਦਿਆਂ ਕਈ ਤਗਮੇ ਹਾਸਲ ਕੀਤੇ। ਅੰਡਰ-14, ਅੰਡਰ-17 ਅਤੇ ਅੰਡਰ-19 ਵਰਗਾਂ ਵਿੱਚ ਖਿਡਾਰੀਆਂ ਨੇ ਪਹਿਲੇ ਅਤੇ ਦੂਜੇ ਸਥਾਨ ਪ੍ਰਾਪਤ ਕੀਤੇ। ਸਕੂਲ ਪ੍ਰਿੰਸੀਪਲ ਨੇ ਜੇਤੂ ਖਿਡਾਰੀਆਂ ਨੂੰ ਵਧਾਈ ਦਿੰਦਿਆਂ ਕਿਹਾ ਕਿ ਸਕੂਲ ਵੱਲੋਂ ਖਿਡਾਰੀਆਂ ਨੂੰ ਹਰ ਸਹੂਲਤ ਦਿੱਤੀ ਜਾਵੇਗੀ।
ਰਾਮਾਂ ਮੰਡੀ, 11 ਅਗਸਤ (ਤਾਰਾਚੰਦ ਅਰੋੜਾ):- ਗਰਮ ਰੁੱਤ ਜ਼ੋਨ ਪੱਧਰੀ ਟੂਰਨਾਮੈਂਟ ਦੇ ਮੁਕਾਬਲਿਆਂ ਵਿੱਚ ਸੰਤ ਜੇਵੀਅਰਜ਼ ਕਾਨਵੈਂਟ ਸਕੂਲ ਦੇ ਵਿਦਿਆਰਥੀਆਂ ਨੇ ਸ਼ਾਨਦਾਰ ਪ੍ਰਦਰਸ਼ਨ ਕਰਦਿਆਂ ਕਈ ਤਗਮੇ ਹਾਸਲ ਕੀਤੇ। ਅੰਡਰ-14, ਅੰਡਰ-17 ਅਤੇ ਅੰਡਰ-19 ਵਰਗਾਂ ਵਿੱਚ ਖਿਡਾਰੀਆਂ ਨੇ ਪਹਿਲੇ ਅਤੇ ਦੂਜੇ ਸਥਾਨ ਪ੍ਰਾਪਤ ਕੀਤੇ। ਸਕੂਲ ਪ੍ਰਿੰਸੀਪਲ ਨੇ ਜੇਤੂ ਖਿਡਾਰੀਆਂ ਨੂੰ ਵਧਾਈ ਦਿੰਦਿਆਂ ਕਿਹਾ ਕਿ ਸਕੂਲ ਵੱਲੋਂ ਖਿਡਾਰੀਆਂ ਨੂੰ ਹਰ ਸਹੂਲਤ ਦਿੱਤੀ ਜਾਵੇਗੀ।
ਨੌਜਵਾਨ ਪੀੜ੍ਹੀ ਨੂੰ ਨਸ਼ਿਆਂ ਤੋਂ ਬਚਾਉਣ ਲਈ ਖੇਡਾਂ ਹਨ ਜ਼ਰੂਰੀ : ਸੁਖਜਿੰਦਰ ਸਿੰਘ ਰੋਮਾਣਾ
ਪੰਜਾਬ ਟਾਇਮਜ਼ ਖ਼ਬਰ
ਬਲਿਆਂਵਾਲੀ, 11 ਅਗਸਤ (ਨਸੀਬ ਸ਼ਰਮਾ):- ਪਿੰਡ ਵਿੱਚ ਕਰਵਾਏ ਗਏ ਖੇਡ ਸਮਾਗਮ ਦੌਰਾਨ ਮੁੱਖ ਮਹਿਮਾਨ ਵਜੋਂ ਪਹੁੰਚੇ ਸੁਖਜਿੰਦਰ ਸਿੰਘ ਰੋਮਾਣਾ ਨੇ ਕਿਹਾ ਕਿ ਨੌਜਵਾਨ ਪੀੜ੍ਹੀ ਨੂੰ ਨਸ਼ਿਆਂ ਤੋਂ ਬਚਾਉਣ ਲਈ ਖੇਡਾਂ ਬਹੁਤ ਜ਼ਰੂਰੀ ਹਨ। ਉਨ੍ਹਾਂ ਕਿਹਾ ਕਿ ਖੇਡਾਂ ਨਾਲ ਨੌਜਵਾਨਾਂ ਵਿੱਚ ਅਨੁਸ਼ਾਸਨ ਅਤੇ ਭਾਈਚਾਰਕ ਸਾਂਝ ਪੈਦਾ ਹੁੰਦੀ ਹੈ। ਇਸ ਮੌਕੇ ਪ੍ਰਬੰਧਕਾਂ ਵੱਲੋਂ ਮੁੱਖ ਮਹਿਮਾਨ ਦਾ ਸਨਮਾਨ ਕੀਤਾ ਗਿਆ।
ਭ੍ਰਿਸ਼ਟਾਚਾਰ ਵਿਰੋਧੀ ਫਰੰਟ ਦੀ ਮਾਸਿਕ ਮੀਟਿੰਗ ਦੌਰਾਨ ਖੰਨਾ ਰੋਡ ਦੀ ਮਾੜੀ ਹਾਲਤ ਵੱਲ ਹਲਕਾ ਵਿਧਾਇਕ ਨੂੰ ਧਿਆਨ ਦੇਣ ਦੀ ਕੀਤੀ ਅਪੀਲ
ਪੰਜਾਬ ਟਾਇਮਜ਼ ਖ਼ਬਰ
ਕੂੜਿਆਂ ਵਿੱਚੋਂ ਡੰਗਰਾਂ ਦੇ ਸਰਕਾਰ ਨਾਲ ਵਿਰੋਧੀ ਵਰਗਾਂ ਨੂੰ ਸਮਰਾਲਾ ਪ੍ਰਸ਼ਾਸਨ ਨਾਲ ਪ੍ਰਾਵੇ : ਕਾਮਰੇਡ/ ਜਸਵਿੰਦਰ ਸਿੰਘ
ਸਮਰਾਲਾ, 11 ਅਗਸਤ (ਕਮਲਜੀਤ ਕੌਰ):- ਭ੍ਰਿਸ਼ਟਾਚਾਰ ਵਿਰੋਧੀ ਫਰੰਟ ਸਮਰਾਲਾ ਦੀ ਮਾਸਿਕ ਮੀਟਿੰਗ ਪ੍ਰਧਾਨ ਦੀ ਪ੍ਰਧਾਨਗੀ ਹੇਠ ਹੋਈ। ਮੀਟਿੰਗ ਵਿੱਚ ਖੰਨਾ ਰੋਡ ਦੀ ਮਾੜੀ ਹਾਲਤ ਉੱਤੇ ਚਿੰਤਾ ਪ੍ਰਗਟ ਕੀਤੀ ਗਈ ਅਤੇ ਹਲਕਾ ਵਿਧਾਇਕ ਨੂੰ ਇਸ ਵੱਲ ਤੁਰੰਤ ਧਿਆਨ ਦੇਣ ਦੀ ਅਪੀਲ ਕੀਤੀ ਗਈ। ਆਗੂਆਂ ਨੇ ਕਿਹਾ ਕਿ ਸੜਕ ਉੱਤੇ ਪਏ ਡੂੰਘੇ ਟੋਇਆਂ ਕਾਰਨ ਰੋਜ਼ਾਨਾ ਹਾਦਸੇ ਵਾਪਰ ਰਹੇ ਹਨ। ਫਰੰਟ ਨੇ ਪ੍ਰਸ਼ਾਸਨ ਨੂੰ ਚਿਤਾਵਨੀ ਦਿੱਤੀ ਕਿ ਜੇਕਰ ਜਲਦੀ ਮੁਰੰਮਤ ਨਾ ਕੀਤੀ ਗਈ ਤਾਂ ਸੰਘਰਸ਼ ਕੀਤਾ ਜਾਵੇਗਾ।
ਸਮਰਾਲਾ, 11 ਅਗਸਤ (ਕਮਲਜੀਤ ਕੌਰ):- ਭ੍ਰਿਸ਼ਟਾਚਾਰ ਵਿਰੋਧੀ ਫਰੰਟ ਸਮਰਾਲਾ ਦੀ ਮਾਸਿਕ ਮੀਟਿੰਗ ਪ੍ਰਧਾਨ ਦੀ ਪ੍ਰਧਾਨਗੀ ਹੇਠ ਹੋਈ। ਮੀਟਿੰਗ ਵਿੱਚ ਖੰਨਾ ਰੋਡ ਦੀ ਮਾੜੀ ਹਾਲਤ ਉੱਤੇ ਚਿੰਤਾ ਪ੍ਰਗਟ ਕੀਤੀ ਗਈ ਅਤੇ ਹਲਕਾ ਵਿਧਾਇਕ ਨੂੰ ਇਸ ਵੱਲ ਤੁਰੰਤ ਧਿਆਨ ਦੇਣ ਦੀ ਅਪੀਲ ਕੀਤੀ ਗਈ।
